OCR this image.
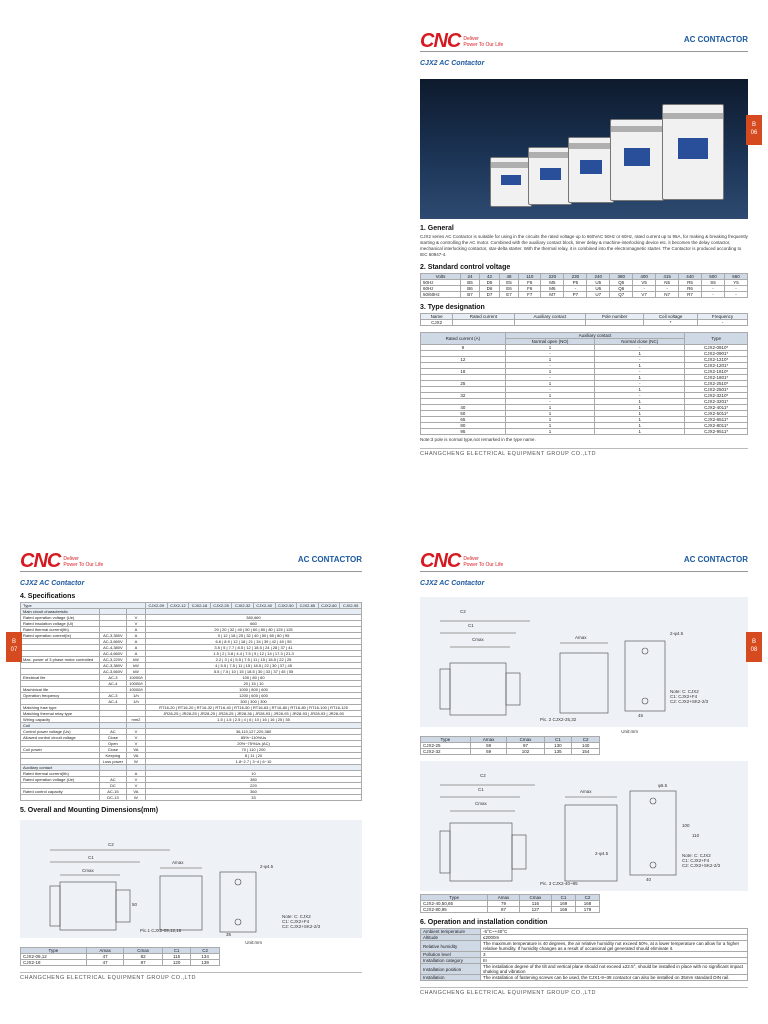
CNC Deliver
Power To Our Life
AC CONTACTOR
CJX2 AC Contactor
1. General

CJX2 series AC Contactor is suitable for using in the circuits the rated voltage up to 660VAC 50Hz or 60Hz, rated current up to 95A, for making & breaking frequently starting & controlling the AC motor. Combined with the auxiliary contact block, timer delay & machine-interlocking device etc. it becomes the delay contactor, mechanical interlocking contactor, star-delta starter. With the thermal relay, it is combined into the electromagnetic starter. The Contactor is produced according to IEC 60947-4.

2. Standard control voltage
Volts	24	42	48	110	220	230	240	380	400	415	440	500	660
50Hz	B5	D5	E5	F5	M5	P5	U5	Q5	V5	N5	R5	S5	Y5
60Hz	B6	D6	E6	F6	M6	-	U6	Q6	-	-	R6	-	-
50/60Hz	B7	D7	E7	F7	M7	P7	U7	Q7	V7	N7	R7	-	-
3. Type designation
Name	Rated current	Auxiliary contact	Pole number	Coil voltage	Frequency
CJX2				*	-
Rated current (A)	Auxiliary contact		Type
	Normal open (NO)	Normal close (NC)	
9	1	-	CJX2-0910*
	-	1	CJX2-0901*
12	1	-	CJX2-1210*
	-	1	CJX2-1201*
18	1	-	CJX2-1810*
	-	1	CJX2-1801*
25	1	-	CJX2-2510*
	-	1	CJX2-2501*
32	1	-	CJX2-3210*
	-	1	CJX2-3201*
40	1	1	CJX2-4011*
50	1	1	CJX2-5011*
65	1	1	CJX2-6511*
80	1	1	CJX2-8011*
95	1	1	CJX2-9511*
Note:3 pole is normal type,not remarked in the type name.
CHANGCHENG ELECTRICAL EQUIPMENT GROUP CO.,LTD
B
06
CNC Deliver
Power To Our Life
AC CONTACTOR
CJX2 AC Contactor
4. Specifications
Type			CJX2-09	CJX2-12	CJX2-18	CJX2-25	CJX2-32	CJX2-40	CJX2-50	CJX2-65	CJX2-80	CJX2-95
Main circuit characteristic												
Rated operation voltage (Ue)		V	380,660									
Rated insulation voltage (Ui)		V	660									
Rated thermal current(Ith)		A	20 | 20 | 32 | 40 | 50 | 60 | 80 | 80 | 125 | 125									
Rated operation current(Ie)	AC-3,380V	A	9 | 12 | 18 | 25 | 32 | 40 | 50 | 65 | 80 | 95									
	AC-3,660V	A	6.6 | 8.9 | 12 | 18 | 21 | 34 | 39 | 42 | 49 | 55									
	AC-4,380V	A	3.5 | 5 | 7.7 | 8.5 | 12 | 18.5 | 24 | 28 | 37 | 41									
	AC-4,660V	A	1.5 | 2 | 3.8 | 4.4 | 7.5 | 9 | 12 | 14 | 17.3 | 21.3									
Max. power of 3 phase motor controlled	AC-3,220V	kW	2.2 | 3 | 4 | 5.5 | 7.5 | 11 | 15 | 18.5 | 22 | 25									
	AC-3,380V	kW	4 | 5.5 | 7.5 | 11 | 15 | 18.5 | 22 | 30 | 37 | 45									
	AC-3,660V	kW	5.5 | 7.5 | 10 | 15 | 18.5 | 30 | 33 | 37 | 45 | 55									
Electrical life	AC-3	10000/t	100 | 80 | 60									
	AC-4	10000/t	20 | 15 | 10									
Machinical life		10000/t	1000 | 800 | 600									
Operation frequency	AC-3	1/h	1200 | 600 | 600									
	AC-4	1/h	300 | 300 | 300									
Matching fuse type			RT16-20 | RT16-20 | RT16-32 | RT16-40 | RT16-50 | RT16-63 | RT16-80 | RT16-80 | RT16-100 | RT16-125									
Matching thermal relay type			JR28-25 | JR28-25 | JR28-25 | JR28-25 | JR28-36 | JR28-93 | JR28-93 | JR28-93 | JR28-93 | JR28-93									
Wiring capacity		mm2	1.5 | 1.5 | 2.5 | 4 | 6 | 10 | 16 | 16 | 25 | 35									
Coil												
Control power voltage (Us)	AC	V	36,110,127,220,380									
Allowed control circuit voltage	Close	V	85%~110%Us									
	Open	V	20%~75%Us (AC)									
Coil power	Close	VA	70 | 110 | 200									
	Keeping	VA	8 | 11 | 20									
	Loss power	W	1.8~2.7 | 3~4 | 6~10									
Auxiliary contact												
Rated thermal current(Ith)		A	10									
Rated operation voltage (Ue)	AC	V	380									
	DC	V	220									
Rated control capacity	AC-15	VA	360									
	DC-13	W	33									
5. Overall and Mounting Dimensions(mm)
C2
C1
Cmax
Amax
2-φ4.5
35
50
Pic.1 CJX2-09,12,18
Note: C: CJX2
C1: CJX2+F4
C2: CJX2+SK2-2/3
Unit:mm
Type	Amax	Cmax	C1	C2
CJX2-09,12	47	82	115	134
CJX2-18	47	87	120	139
CHANGCHENG ELECTRICAL EQUIPMENT GROUP CO.,LTD
B
07
CNC Deliver
Power To Our Life
AC CONTACTOR
CJX2 AC Contactor
C2
C1
Cmax	Amax
2-φ4.5
45
Pic. 2 CJX2-25,32
Note: C: CJX2
C1: CJX2+F4
C2: CJX2+SK2-2/3
Unit:mm
Type	Amax	Cmax	C1	C2
CJX2-25	59	97	130	140
CJX2-32	59	102	135	154
C2
C1
Cmax
Amax
2-φ4.5
φ6.5
40
100
110
Pic. 3 CJX2-40~95
Note: C: CJX2
C1: CJX2+F4
C2: CJX2+SK2-2/3
Type	Amax	Cmax	C1	C2
CJX2-40,50,65	79	116	169	168
CJX2-80,95	87	127	169	179
6. Operation and installation condition
Ambient temperature	-5°C~+40°C
Altitude	≤2000m
Relative humidity	The maximum temperature is 40 degrees, the air relative humidity not exceed 50%, at a lower temperature can allow for a higher relative humidity. If humidity changes as a result of occasional gel generated should eliminate it.
Pollution level	3
Installation category	III
Installation position	The installation degree of the tilt and vertical plane should not exceed ±22.5°, should be installed in place with no significant impact shaking and vibration
Installation	The installation of fastening screws can be used, the CJX1-9~38 contactor can also be installed on 35mm standard DIN rail.
CHANGCHENG ELECTRICAL EQUIPMENT GROUP CO.,LTD
B
08
